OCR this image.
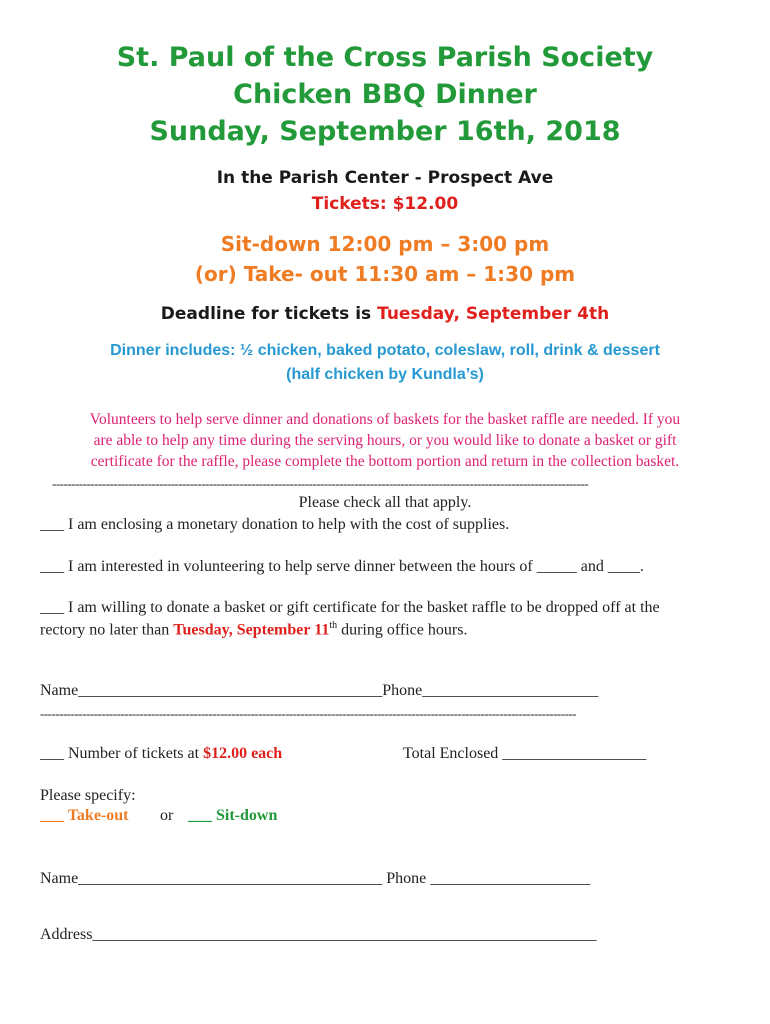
St. Paul of the Cross Parish Society
Chicken BBQ Dinner
Sunday, September 16th, 2018
In the Parish Center - Prospect Ave
Tickets: $12.00
Sit-down 12:00 pm – 3:00 pm
(or) Take- out 11:30 am – 1:30 pm
Deadline for tickets is Tuesday, September 4th
Dinner includes: ½ chicken, baked potato, coleslaw, roll, drink & dessert
(half chicken by Kundla’s)
Volunteers to help serve dinner and donations of baskets for the basket raffle are needed. If you
are able to help any time during the serving hours, or you would like to donate a basket or gift
certificate for the raffle, please complete the bottom portion and return in the collection basket.
--------------------------------------------------------------------------------------------------------------------------------------------
Please check all that apply.
___ I am enclosing a monetary donation to help with the cost of supplies.
___ I am interested in volunteering to help serve dinner between the hours of _____ and ____.
___ I am willing to donate a basket or gift certificate for the basket raffle to be dropped off at the
rectory no later than Tuesday, September 11th during office hours.
Name______________________________________Phone______________________
--------------------------------------------------------------------------------------------------------------------------------------------
___ Number of tickets at $12.00 each	Total Enclosed __________________
Please specify:
___ Take-out or ___ Sit-down
Name______________________________________ Phone ____________________
Address_______________________________________________________________
